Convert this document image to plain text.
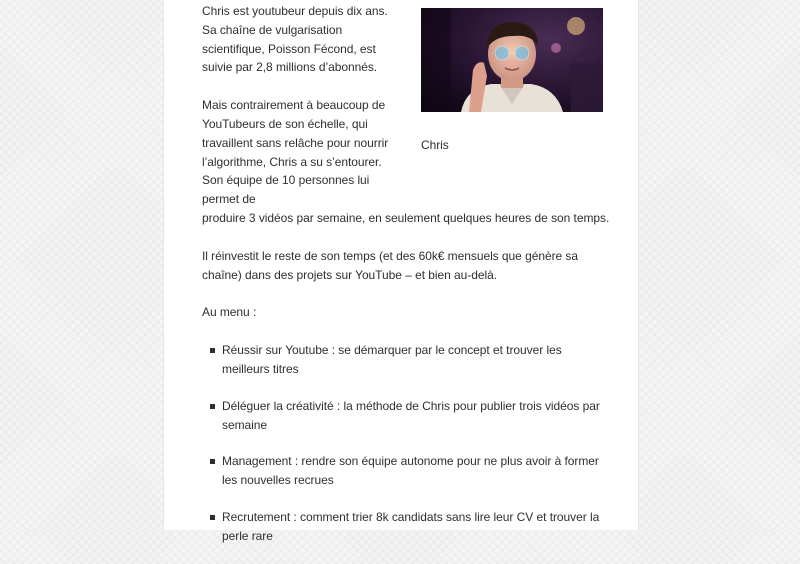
Chris est youtubeur depuis dix ans. Sa chaîne de vulgarisation scientifique, Poisson Fécond, est suivie par 2,8 millions d’abonnés.

Mais contrairement à beaucoup de YouTubeurs de son échelle, qui travaillent sans relâche pour nourrir l’algorithme, Chris a su s’entourer. Son équipe de 10 personnes lui permet de

Chris

produire 3 vidéos par semaine, en seulement quelques heures de son temps.

Il réinvestit le reste de son temps (et des 60k€ mensuels que génère sa chaîne) dans des projets sur YouTube – et bien au-delà.

Au menu :

Réussir sur Youtube : se démarquer par le concept et trouver les meilleurs titres
Déléguer la créativité : la méthode de Chris pour publier trois vidéos par semaine
Management : rendre son équipe autonome pour ne plus avoir à former les nouvelles recrues
Recrutement : comment trier 8k candidats sans lire leur CV et trouver la perle rare
